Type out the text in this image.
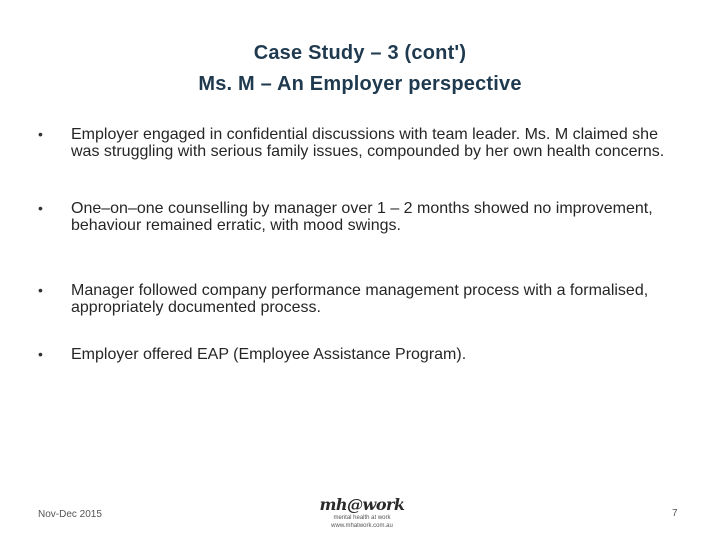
Case Study – 3 (cont')
Ms. M – An Employer perspective
• Employer engaged in confidential discussions with team leader. Ms. M claimed she was struggling with serious family issues, compounded by her own health concerns.
• One–on–one counselling by manager over 1 – 2 months showed no improvement, behaviour remained erratic, with mood swings.
• Manager followed company performance management process with a formalised, appropriately documented process.
• Employer offered EAP (Employee Assistance Program).
Nov-Dec 2015
mh@work
mental health at work
www.mhatwork.com.au
7
